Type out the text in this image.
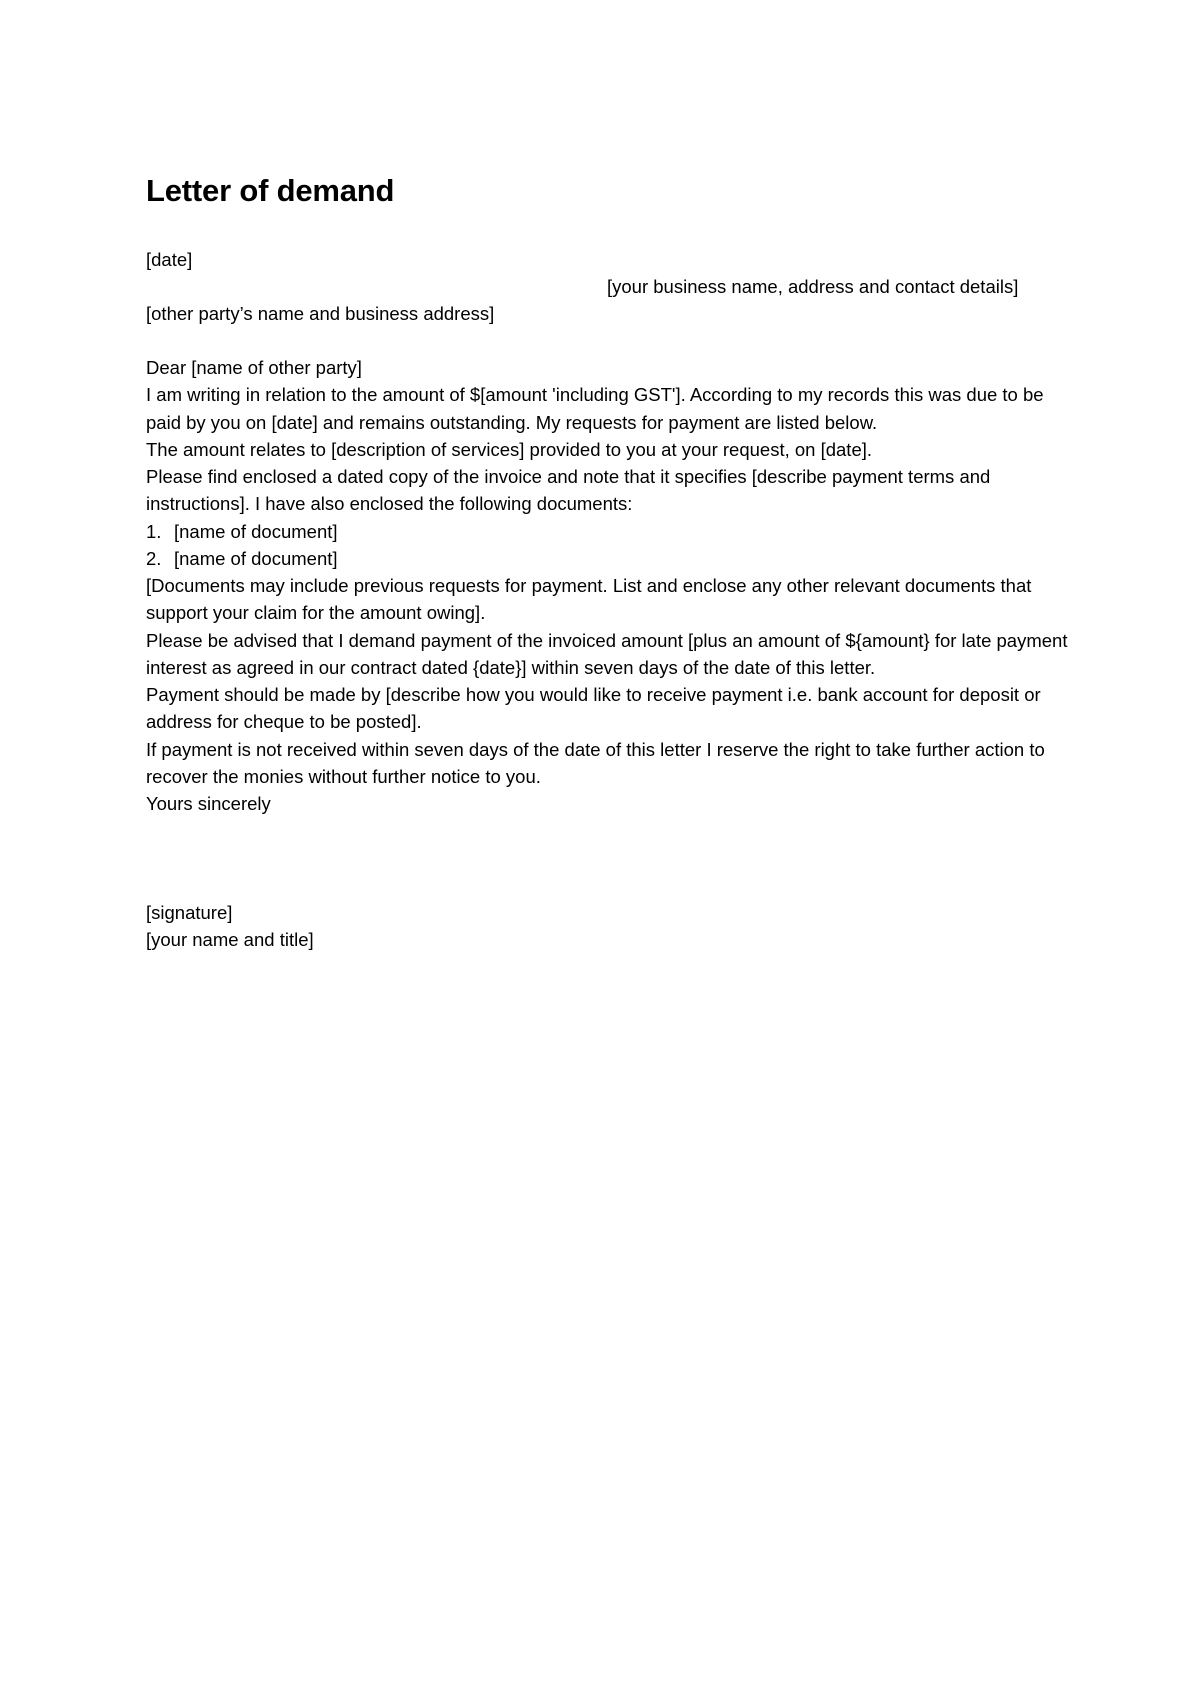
Letter of demand

[date]

[your business name, address and contact details]

[other party’s name and business address]

Dear [name of other party]

I am writing in relation to the amount of $[amount 'including GST']. According to my records this was due to be paid by you on [date] and remains outstanding. My requests for payment are listed below.

The amount relates to [description of services] provided to you at your request, on [date].

Please find enclosed a dated copy of the invoice and note that it specifies [describe payment terms and instructions]. I have also enclosed the following documents:

1. [name of document]
2. [name of document]

[Documents may include previous requests for payment. List and enclose any other relevant documents that support your claim for the amount owing].

Please be advised that I demand payment of the invoiced amount [plus an amount of ${amount} for late payment interest as agreed in our contract dated {date}] within seven days of the date of this letter.

Payment should be made by [describe how you would like to receive payment i.e. bank account for deposit or address for cheque to be posted].

If payment is not received within seven days of the date of this letter I reserve the right to take further action to recover the monies without further notice to you.

Yours sincerely

[signature]

[your name and title]
